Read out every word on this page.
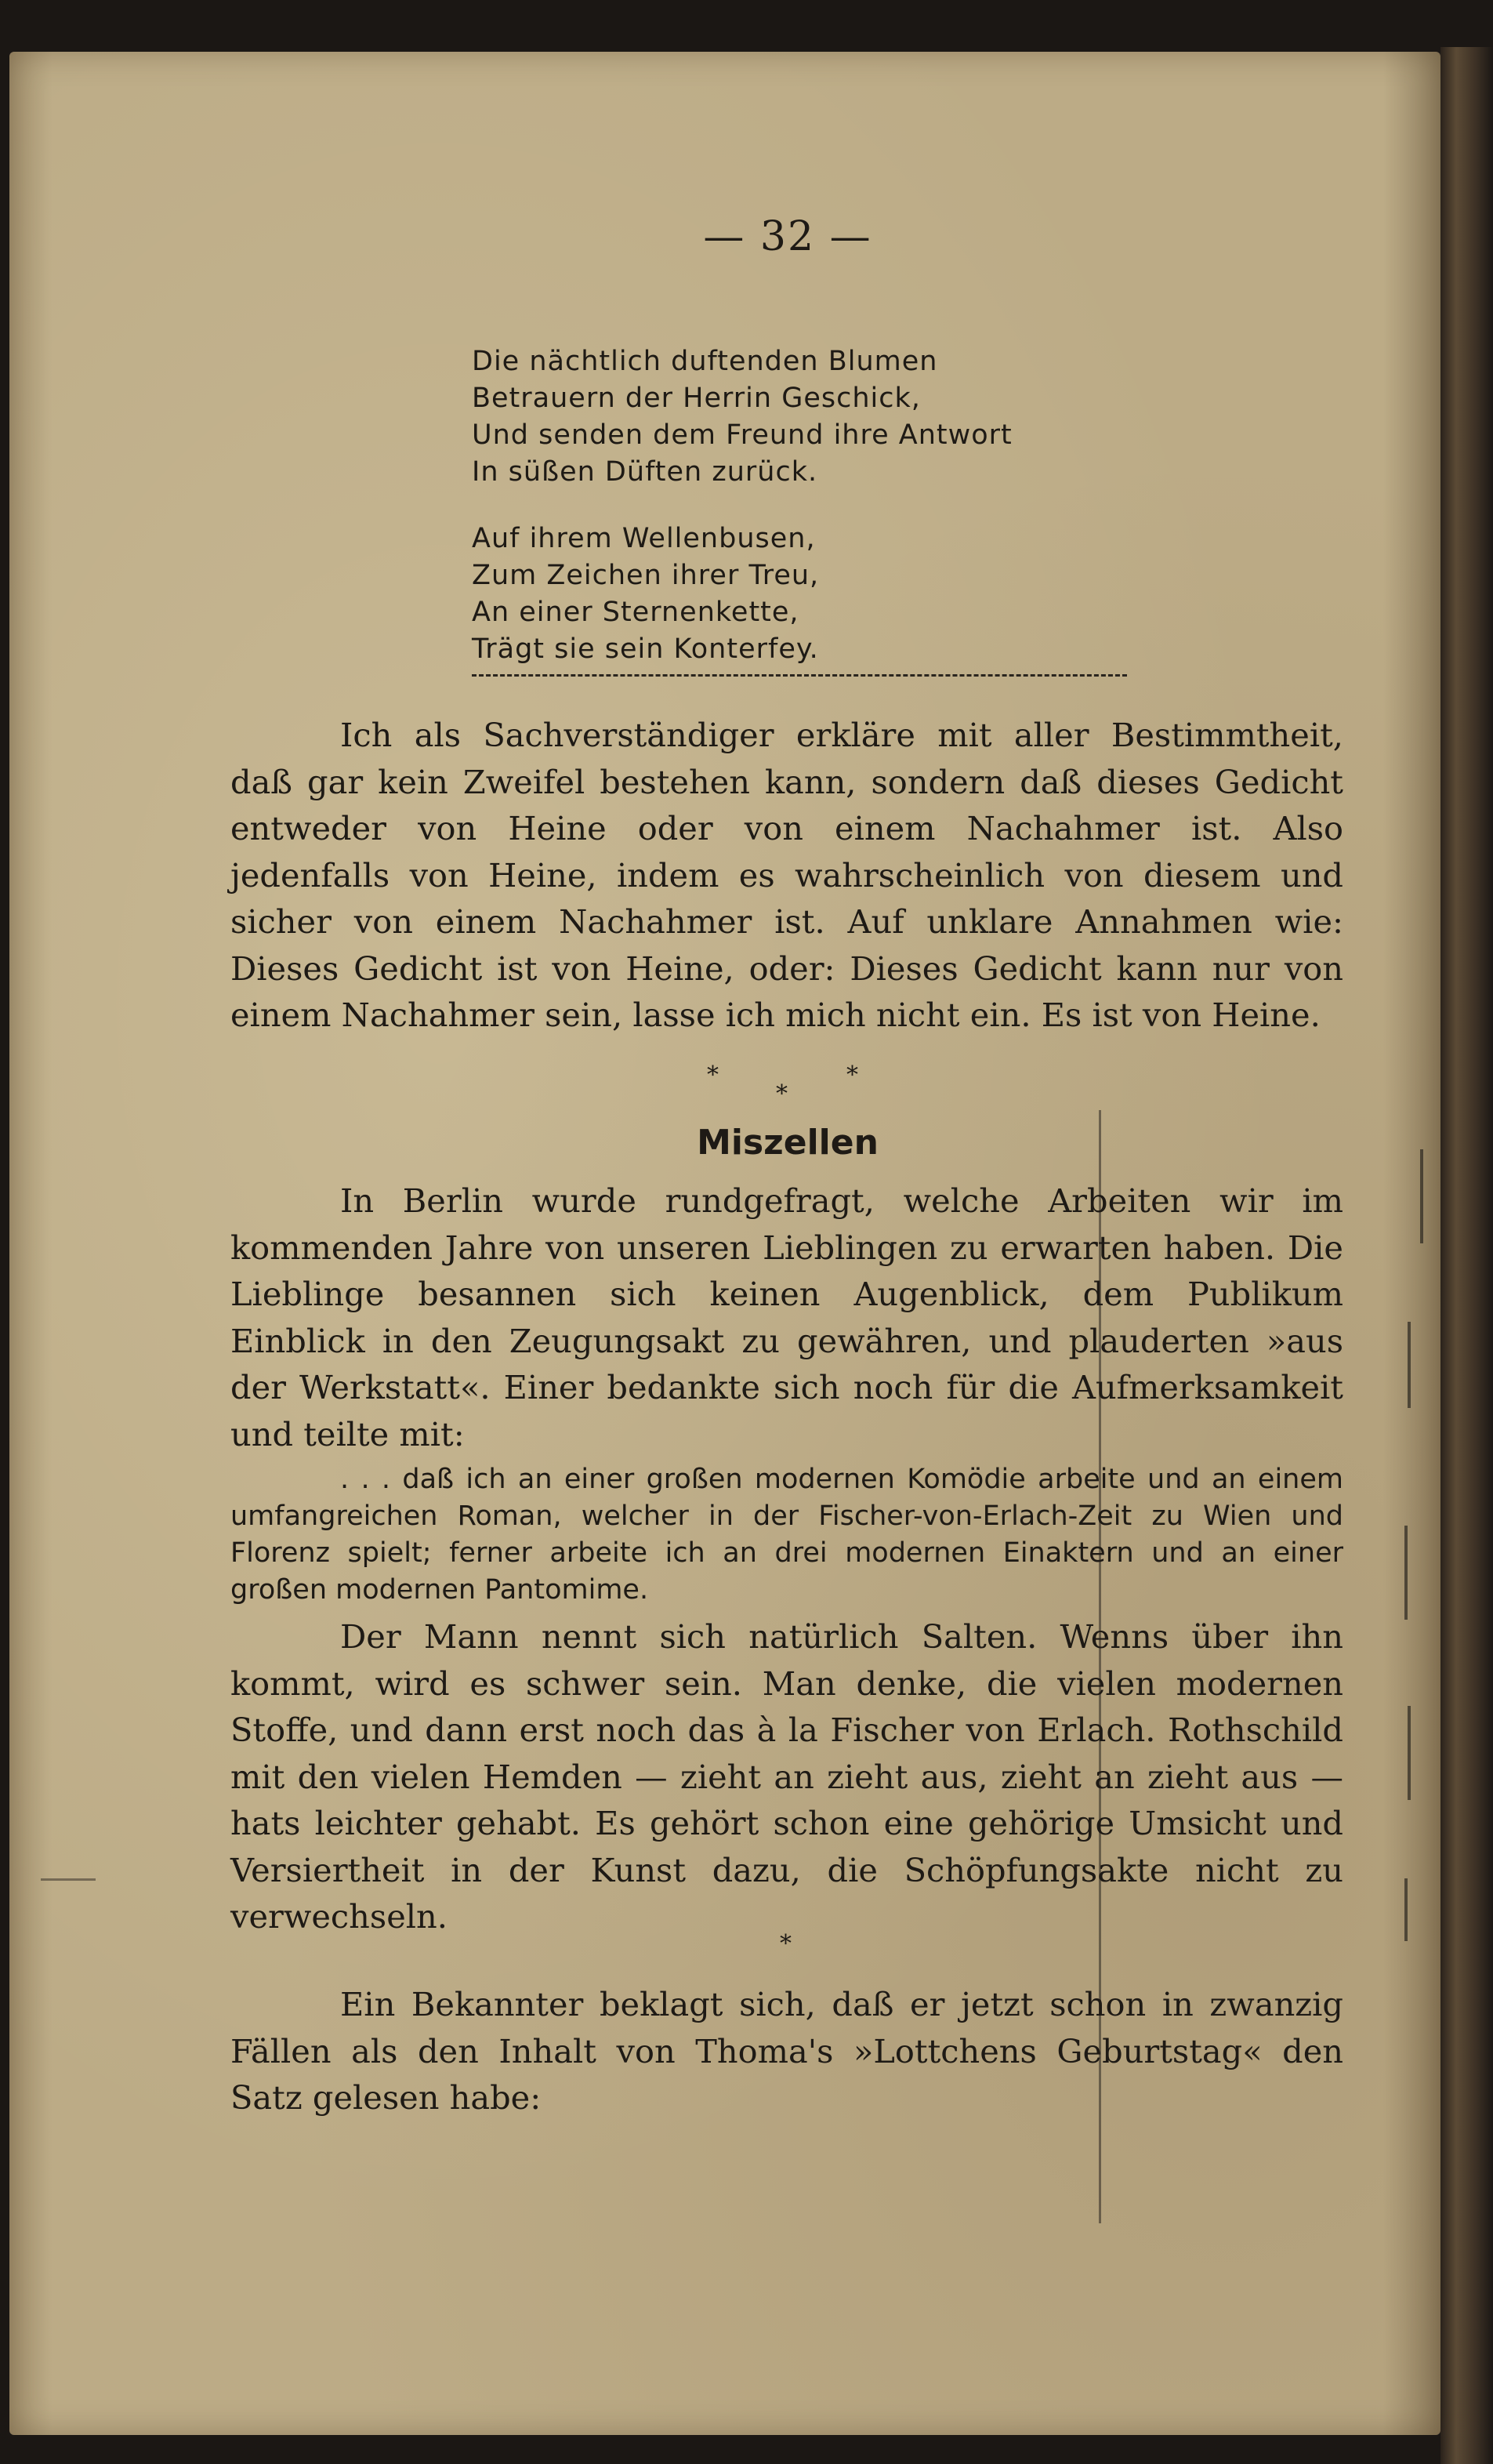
— 32 —
Die nächtlich duftenden Blumen
Betrauern der Herrin Geschick,
Und senden dem Freund ihre Antwort
In süßen Düften zurück.
Auf ihrem Wellenbusen,
Zum Zeichen ihrer Treu,
An einer Sternenkette,
Trägt sie sein Konterfey.

Ich als Sachverständiger erkläre mit aller Bestimmtheit, daß gar kein Zweifel bestehen kann, sondern daß dieses Gedicht entweder von Heine oder von einem Nachahmer ist. Also jedenfalls von Heine, indem es wahrscheinlich von diesem und sicher von einem Nachahmer ist. Auf unklare Annahmen wie: Dieses Gedicht ist von Heine, oder: Dieses Gedicht kann nur von einem Nachahmer sein, lasse ich mich nicht ein. Es ist von Heine.

*	*
*
Miszellen

In Berlin wurde rundgefragt, welche Arbeiten wir im kommenden Jahre von unseren Lieblingen zu erwarten haben. Die Lieblinge besannen sich keinen Augenblick, dem Publikum Einblick in den Zeugungsakt zu gewähren, und plauderten »aus der Werkstatt«. Einer bedankte sich noch für die Aufmerksamkeit und teilte mit:

. . . daß ich an einer großen modernen Komödie arbeite und an einem umfangreichen Roman, welcher in der Fischer-von-Erlach-Zeit zu Wien und Florenz spielt; ferner arbeite ich an drei modernen Einaktern und an einer großen modernen Pantomime.

Der Mann nennt sich natürlich Salten. Wenns über ihn kommt, wird es schwer sein. Man denke, die vielen modernen Stoffe, und dann erst noch das à la Fischer von Erlach. Rothschild mit den vielen Hemden — zieht an zieht aus, zieht an zieht aus — hats leichter gehabt. Es gehört schon eine gehörige Umsicht und Versiertheit in der Kunst dazu, die Schöpfungsakte nicht zu verwechseln.

*

Ein Bekannter beklagt sich, daß er jetzt schon in zwanzig Fällen als den Inhalt von Thoma's »Lottchens Geburtstag« den Satz gelesen habe:
